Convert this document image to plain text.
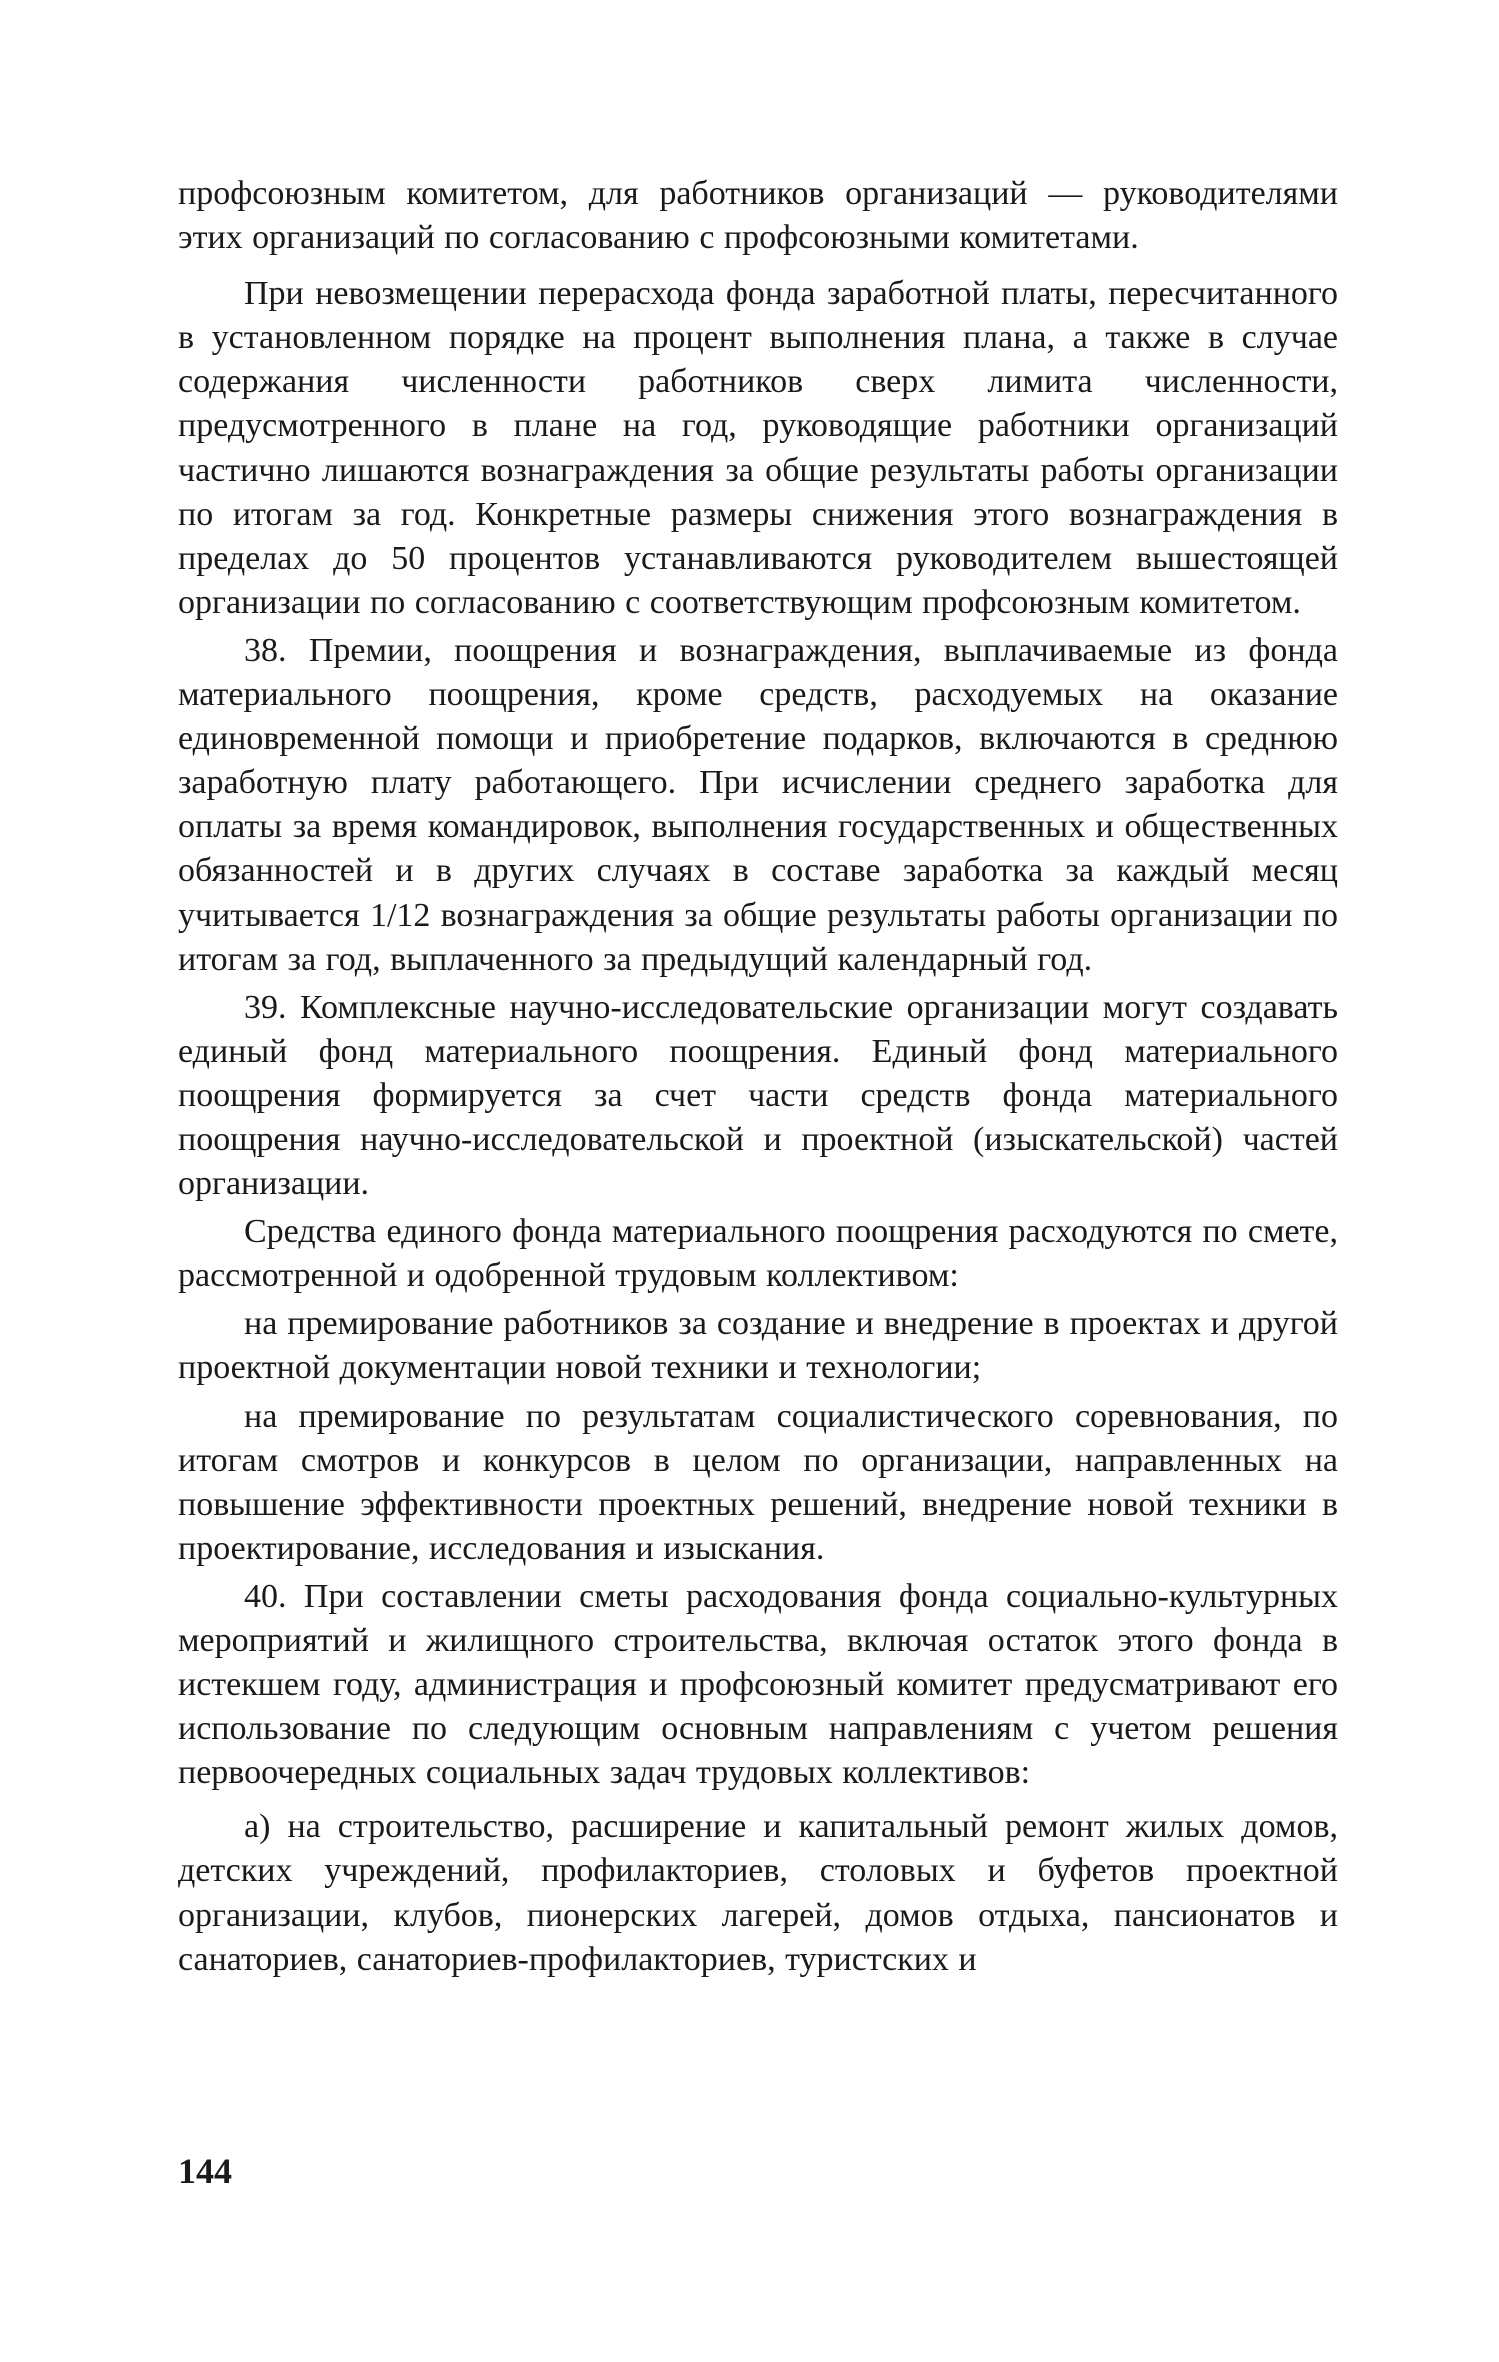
профсоюзным комитетом, для работников организаций — руководителями этих организаций по согласованию с профсоюзными комитетами.

При невозмещении перерасхода фонда заработной платы, пересчитанного в установленном порядке на процент выполнения плана, а также в случае содержания численности работников сверх лимита численности, предусмотренного в плане на год, руководящие работники организаций частично лишаются вознаграждения за общие результаты работы организации по итогам за год. Конкретные размеры снижения этого вознаграждения в пределах до 50 процентов устанавливаются руководителем вышестоящей организации по согласованию с соответствующим профсоюзным комитетом.

38. Премии, поощрения и вознаграждения, выплачиваемые из фонда материального поощрения, кроме средств, расходуемых на оказание единовременной помощи и приобретение подарков, включаются в среднюю заработную плату работающего. При исчислении среднего заработка для оплаты за время командировок, выполнения государственных и общественных обязанностей и в других случаях в составе заработка за каждый месяц учитывается 1/12 вознаграждения за общие результаты работы организации по итогам за год, выплаченного за предыдущий календарный год.

39. Комплексные научно-исследовательские организации могут создавать единый фонд материального поощрения. Единый фонд материального поощрения формируется за счет части средств фонда материального поощрения научно-исследовательской и проектной (изыскательской) частей организации.

Средства единого фонда материального поощрения расходуются по смете, рассмотренной и одобренной трудовым коллективом:

на премирование работников за создание и внедрение в проектах и другой проектной документации новой техники и технологии;

на премирование по результатам социалистического соревнования, по итогам смотров и конкурсов в целом по организации, направленных на повышение эффективности проектных решений, внедрение новой техники в проектирование, исследования и изыскания.

40. При составлении сметы расходования фонда социально-культурных мероприятий и жилищного строительства, включая остаток этого фонда в истекшем году, администрация и профсоюзный комитет предусматривают его использование по следующим основным направлениям с учетом решения первоочередных социальных задач трудовых коллективов:

а) на строительство, расширение и капитальный ремонт жилых домов, детских учреждений, профилакториев, столовых и буфетов проектной организации, клубов, пионерских лагерей, домов отдыха, пансионатов и санаториев, санаториев-профилакториев, туристских и

144
